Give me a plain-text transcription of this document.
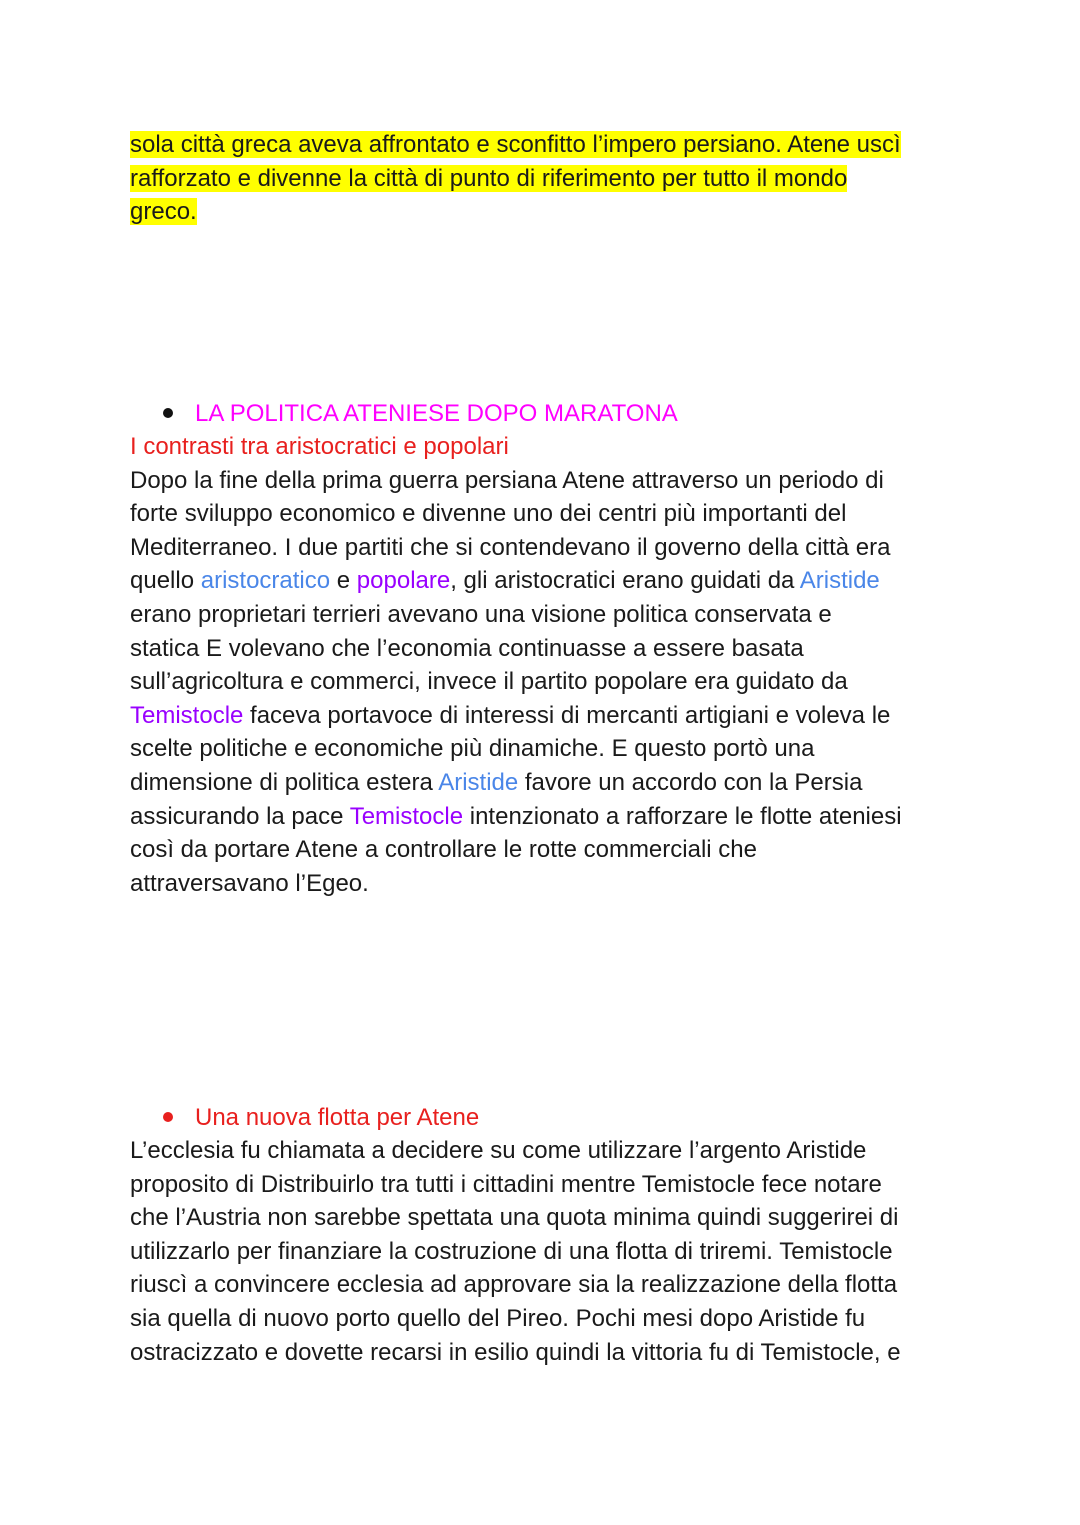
sola città greca aveva affrontato e sconfitto l’impero persiano. Atene uscì
rafforzato e divenne la città di punto di riferimento per tutto il mondo
greco.
LA POLITICA ATENIESE DOPO MARATONA
I contrasti tra aristocratici e popolari
Dopo la fine della prima guerra persiana Atene attraverso un periodo di
forte sviluppo economico e divenne uno dei centri più importanti del
Mediterraneo. I due partiti che si contendevano il governo della città era
quello aristocratico e popolare, gli aristocratici erano guidati da Aristide
erano proprietari terrieri avevano una visione politica conservata e
statica E volevano che l’economia continuasse a essere basata
sull’agricoltura e commerci, invece il partito popolare era guidato da
Temistocle faceva portavoce di interessi di mercanti artigiani e voleva le
scelte politiche e economiche più dinamiche. E questo portò una
dimensione di politica estera Aristide favore un accordo con la Persia
assicurando la pace Temistocle intenzionato a rafforzare le flotte ateniesi
così da portare Atene a controllare le rotte commerciali che
attraversavano l’Egeo.
Una nuova flotta per Atene
L’ecclesia fu chiamata a decidere su come utilizzare l’argento Aristide
proposito di Distribuirlo tra tutti i cittadini mentre Temistocle fece notare
che l’Austria non sarebbe spettata una quota minima quindi suggerirei di
utilizzarlo per finanziare la costruzione di una flotta di triremi. Temistocle
riuscì a convincere ecclesia ad approvare sia la realizzazione della flotta
sia quella di nuovo porto quello del Pireo. Pochi mesi dopo Aristide fu
ostracizzato e dovette recarsi in esilio quindi la vittoria fu di Temistocle, e
